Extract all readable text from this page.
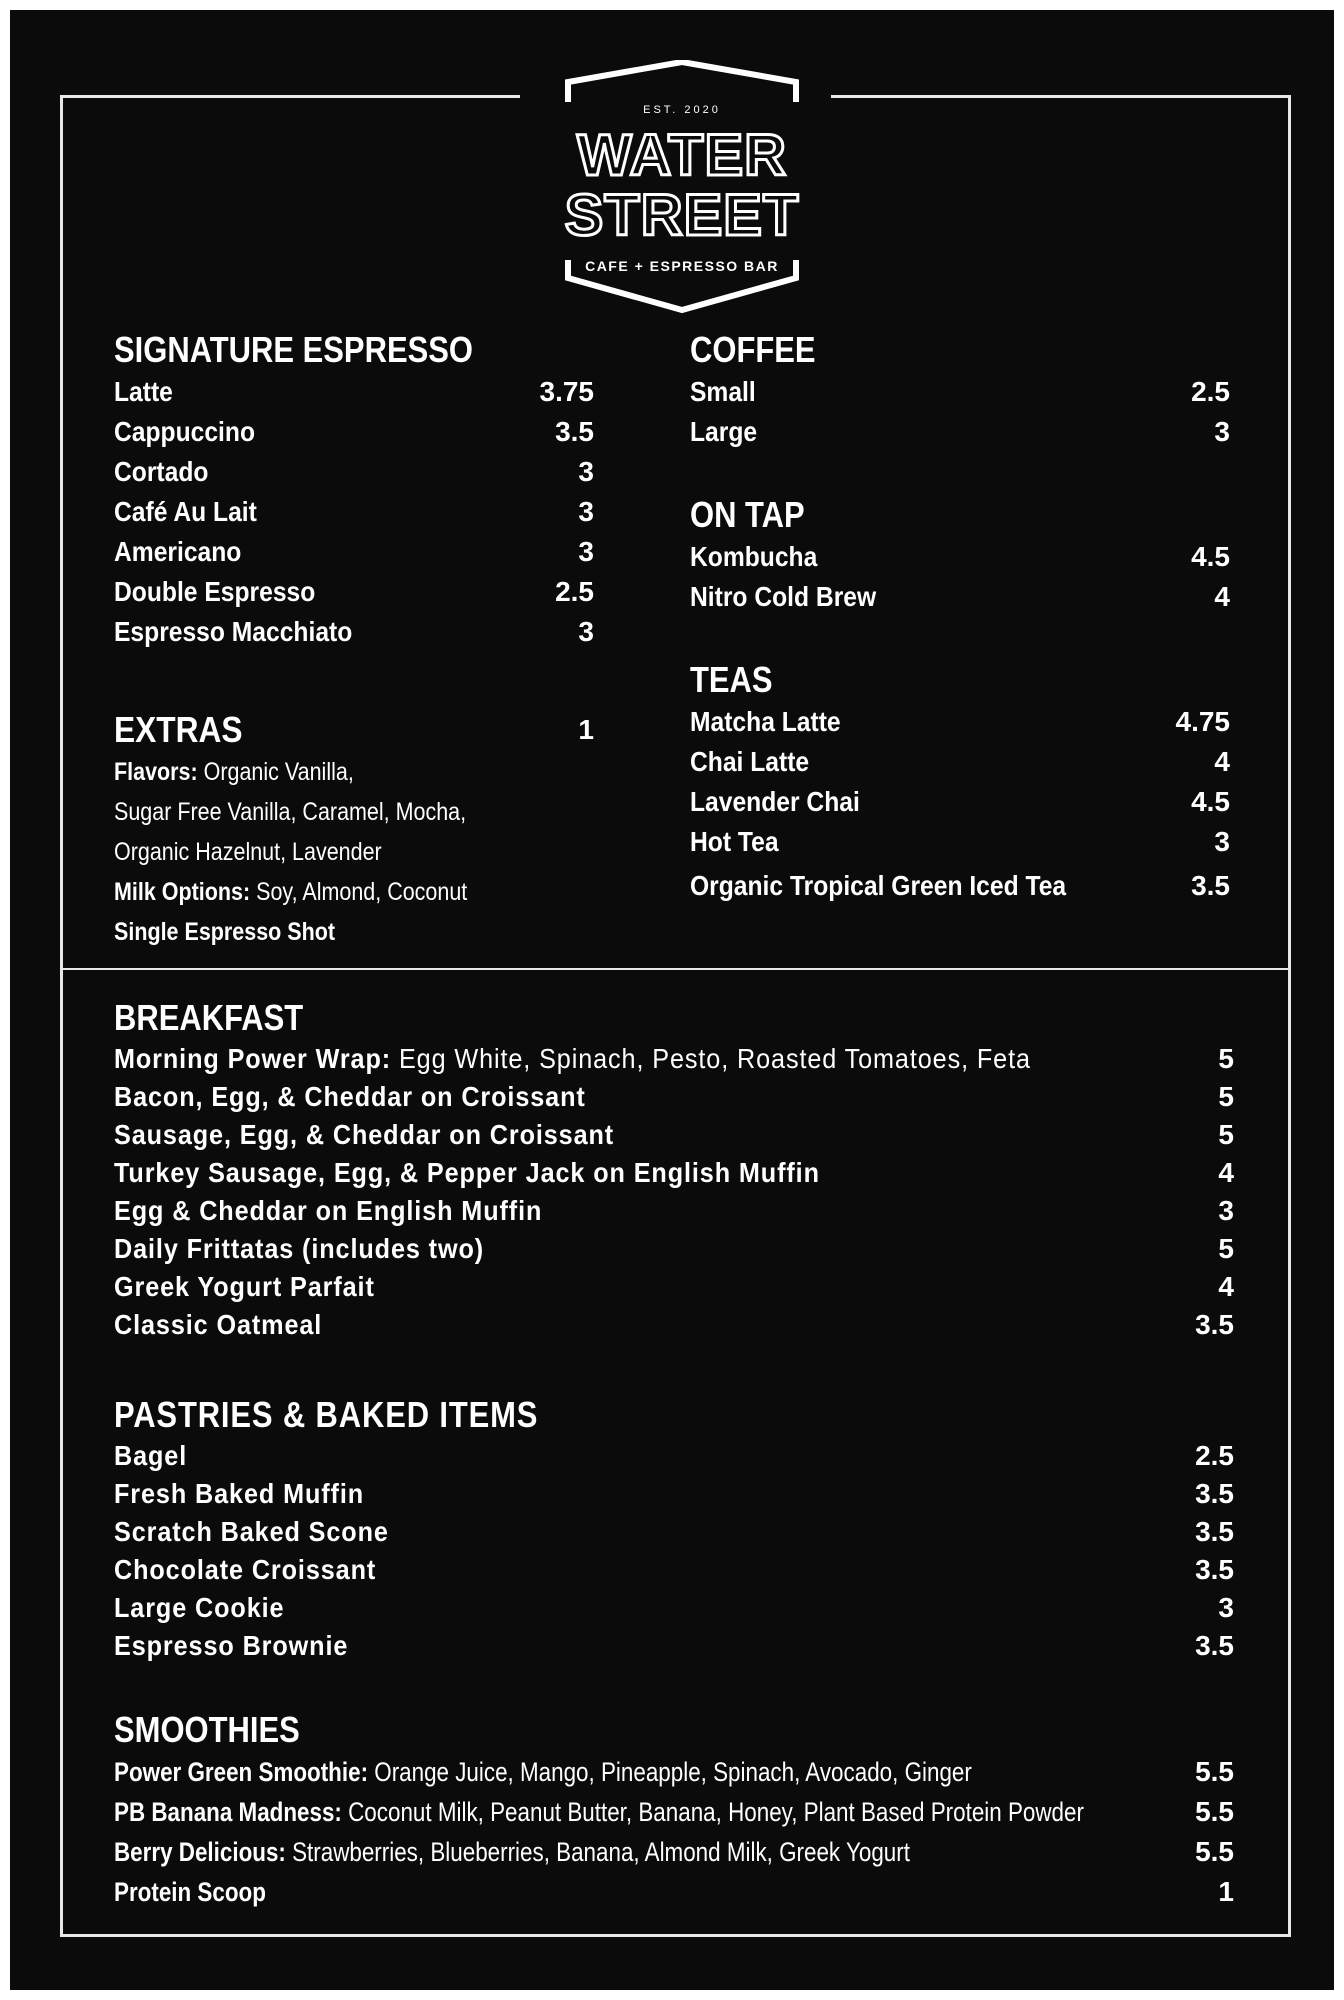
EST. 2020
WATER
STREET
CAFE + ESPRESSO BAR
SIGNATURE ESPRESSO
Latte	3.75
Cappuccino	3.5
Cortado	3
Café Au Lait	3
Americano	3
Double Espresso	2.5
Espresso Macchiato	3
EXTRAS	1
Flavors: Organic Vanilla,
Sugar Free Vanilla, Caramel, Mocha,
Organic Hazelnut, Lavender
Milk Options: Soy, Almond, Coconut
Single Espresso Shot
COFFEE
Small	2.5
Large	3
ON TAP
Kombucha	4.5
Nitro Cold Brew	4
TEAS
Matcha Latte	4.75
Chai Latte	4
Lavender Chai	4.5
Hot Tea	3
Organic Tropical Green Iced Tea	3.5
BREAKFAST
Morning Power Wrap: Egg White, Spinach, Pesto, Roasted Tomatoes, Feta	5
Bacon, Egg, & Cheddar on Croissant	5
Sausage, Egg, & Cheddar on Croissant	5
Turkey Sausage, Egg, & Pepper Jack on English Muffin	4
Egg & Cheddar on English Muffin	3
Daily Frittatas (includes two)	5
Greek Yogurt Parfait	4
Classic Oatmeal	3.5
PASTRIES & BAKED ITEMS
Bagel	2.5
Fresh Baked Muffin	3.5
Scratch Baked Scone	3.5
Chocolate Croissant	3.5
Large Cookie	3
Espresso Brownie	3.5
SMOOTHIES
Power Green Smoothie: Orange Juice, Mango, Pineapple, Spinach, Avocado, Ginger	5.5
PB Banana Madness: Coconut Milk, Peanut Butter, Banana, Honey, Plant Based Protein Powder	5.5
Berry Delicious: Strawberries, Blueberries, Banana, Almond Milk, Greek Yogurt	5.5
Protein Scoop	1
